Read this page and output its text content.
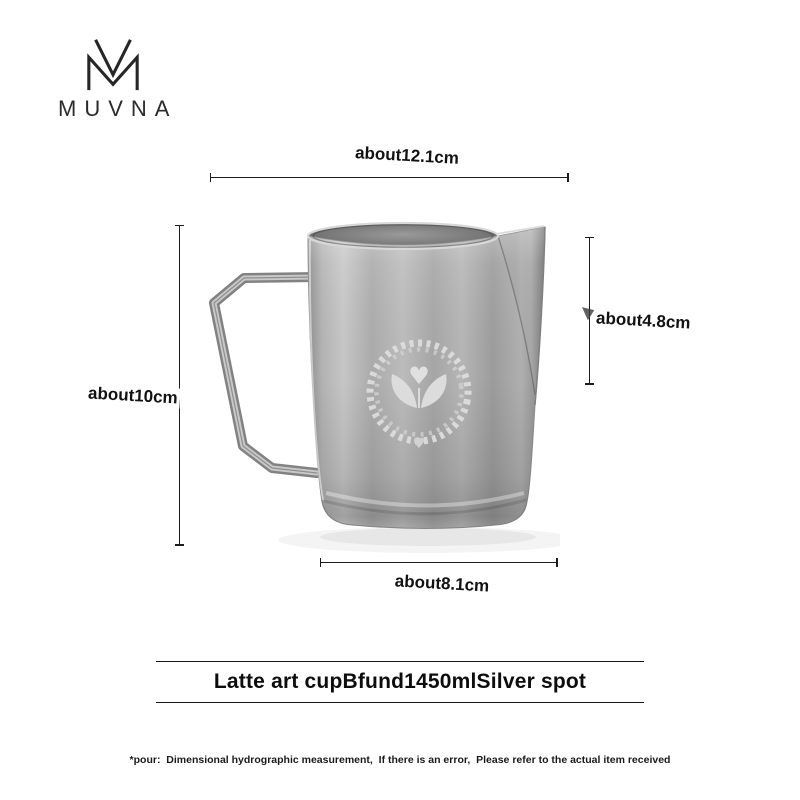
MUVNA
about12.1cm
about10cm
about4.8cm
about8.1cm
♥
♥
Latte art cupBfund1450mlSilver spot
*pour:  Dimensional hydrographic measurement,  If there is an error,  Please refer to the actual item received
